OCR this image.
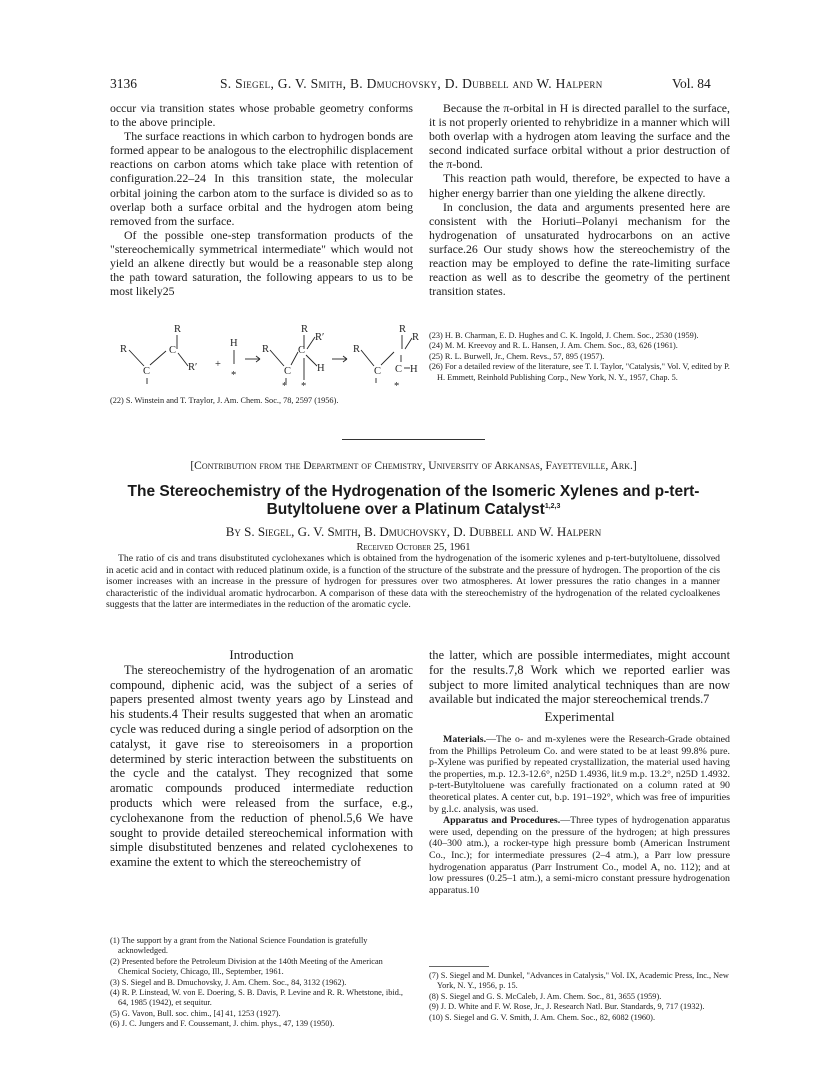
3136	S. Siegel, G. V. Smith, B. Dmuchovsky, D. Dubbell and W. Halpern	Vol. 84

occur via transition states whose probable geometry conforms to the above principle.

The surface reactions in which carbon to hydrogen bonds are formed appear to be analogous to the electrophilic displacement reactions on carbon atoms which take place with retention of configuration.22–24 In this transition state, the molecular orbital joining the carbon atom to the surface is divided so as to overlap both a surface orbital and the hydrogen atom being removed from the surface.

Of the possible one-step transformation products of the "stereochemically symmetrical intermediate" which would not yield an alkene directly but would be a reasonable step along the path toward saturation, the following appears to us to be most likely25

R
R
C
C
R′ +
H
*
R
R′
R
C
C
H
* *
R
R
R
C C H
*

(22) S. Winstein and T. Traylor, J. Am. Chem. Soc., 78, 2597 (1956).

Because the π-orbital in H is directed parallel to the surface, it is not properly oriented to rehybridize in a manner which will both overlap with a hydrogen atom leaving the surface and the second indicated surface orbital without a prior destruction of the π-bond.

This reaction path would, therefore, be expected to have a higher energy barrier than one yielding the alkene directly.

In conclusion, the data and arguments presented here are consistent with the Horiuti–Polanyi mechanism for the hydrogenation of unsaturated hydrocarbons on an active surface.26 Our study shows how the stereochemistry of the reaction may be employed to define the rate-limiting surface reaction as well as to describe the geometry of the pertinent transition states.

(23) H. B. Charman, E. D. Hughes and C. K. Ingold, J. Chem. Soc., 2530 (1959).

(24) M. M. Kreevoy and R. L. Hansen, J. Am. Chem. Soc., 83, 626 (1961).

(25) R. L. Burwell, Jr., Chem. Revs., 57, 895 (1957).

(26) For a detailed review of the literature, see T. I. Taylor, "Catalysis," Vol. V, edited by P. H. Emmett, Reinhold Publishing Corp., New York, N. Y., 1957, Chap. 5.

[Contribution from the Department of Chemistry, University of Arkansas, Fayetteville, Ark.]
The Stereochemistry of the Hydrogenation of the Isomeric Xylenes and p-tert-
Butyltoluene over a Platinum Catalyst$^{1,2,3}$
By S. Siegel, G. V. Smith, B. Dmuchovsky, D. Dubbell and W. Halpern
Received October 25, 1961

The ratio of cis and trans disubstituted cyclohexanes which is obtained from the hydrogenation of the isomeric xylenes and p-tert-butyltoluene, dissolved in acetic acid and in contact with reduced platinum oxide, is a function of the structure of the substrate and the pressure of hydrogen. The proportion of the cis isomer increases with an increase in the pressure of hydrogen for pressures over two atmospheres. At lower pressures the ratio changes in a manner characteristic of the individual aromatic hydrocarbon. A comparison of these data with the stereochemistry of the hydrogenation of the related cycloalkenes suggests that the latter are intermediates in the reduction of the aromatic cycle.

Introduction

The stereochemistry of the hydrogenation of an aromatic compound, diphenic acid, was the subject of a series of papers presented almost twenty years ago by Linstead and his students.4 Their results suggested that when an aromatic cycle was reduced during a single period of adsorption on the catalyst, it gave rise to stereoisomers in a proportion determined by steric interaction between the substituents on the cycle and the catalyst. They recognized that some aromatic compounds produced intermediate reduction products which were released from the surface, e.g., cyclohexanone from the reduction of phenol.5,6 We have sought to provide detailed stereochemical information with simple disubstituted benzenes and related cyclohexenes to examine the extent to which the stereochemistry of

(1) The support by a grant from the National Science Foundation is gratefully acknowledged.

(2) Presented before the Petroleum Division at the 140th Meeting of the American Chemical Society, Chicago, Ill., September, 1961.

(3) S. Siegel and B. Dmuchovsky, J. Am. Chem. Soc., 84, 3132 (1962).

(4) R. P. Linstead, W. von E. Doering, S. B. Davis, P. Levine and R. R. Whetstone, ibid., 64, 1985 (1942), et sequitur.

(5) G. Vavon, Bull. soc. chim., [4] 41, 1253 (1927).

(6) J. C. Jungers and F. Coussemant, J. chim. phys., 47, 139 (1950).

the latter, which are possible intermediates, might account for the results.7,8 Work which we reported earlier was subject to more limited analytical techniques than are now available but indicated the major stereochemical trends.7

Experimental

Materials.—The o- and m-xylenes were the Research-Grade obtained from the Phillips Petroleum Co. and were stated to be at least 99.8% pure. p-Xylene was purified by repeated crystallization, the material used having the properties, m.p. 12.3-12.6°, n25D 1.4936, lit.9 m.p. 13.2°, n25D 1.4932. p-tert-Butyltoluene was carefully fractionated on a column rated at 90 theoretical plates. A center cut, b.p. 191–192°, which was free of impurities by g.l.c. analysis, was used.

Apparatus and Procedures.—Three types of hydrogenation apparatus were used, depending on the pressure of the hydrogen; at high pressures (40–300 atm.), a rocker-type high pressure bomb (American Instrument Co., Inc.); for intermediate pressures (2–4 atm.), a Parr low pressure hydrogenation apparatus (Parr Instrument Co., model A, no. 112); and at low pressures (0.25–1 atm.), a semi-micro constant pressure hydrogenation apparatus.10

(7) S. Siegel and M. Dunkel, "Advances in Catalysis," Vol. IX, Academic Press, Inc., New York, N. Y., 1956, p. 15.

(8) S. Siegel and G. S. McCaleb, J. Am. Chem. Soc., 81, 3655 (1959).

(9) J. D. White and F. W. Rose, Jr., J. Research Natl. Bur. Standards, 9, 717 (1932).

(10) S. Siegel and G. V. Smith, J. Am. Chem. Soc., 82, 6082 (1960).
